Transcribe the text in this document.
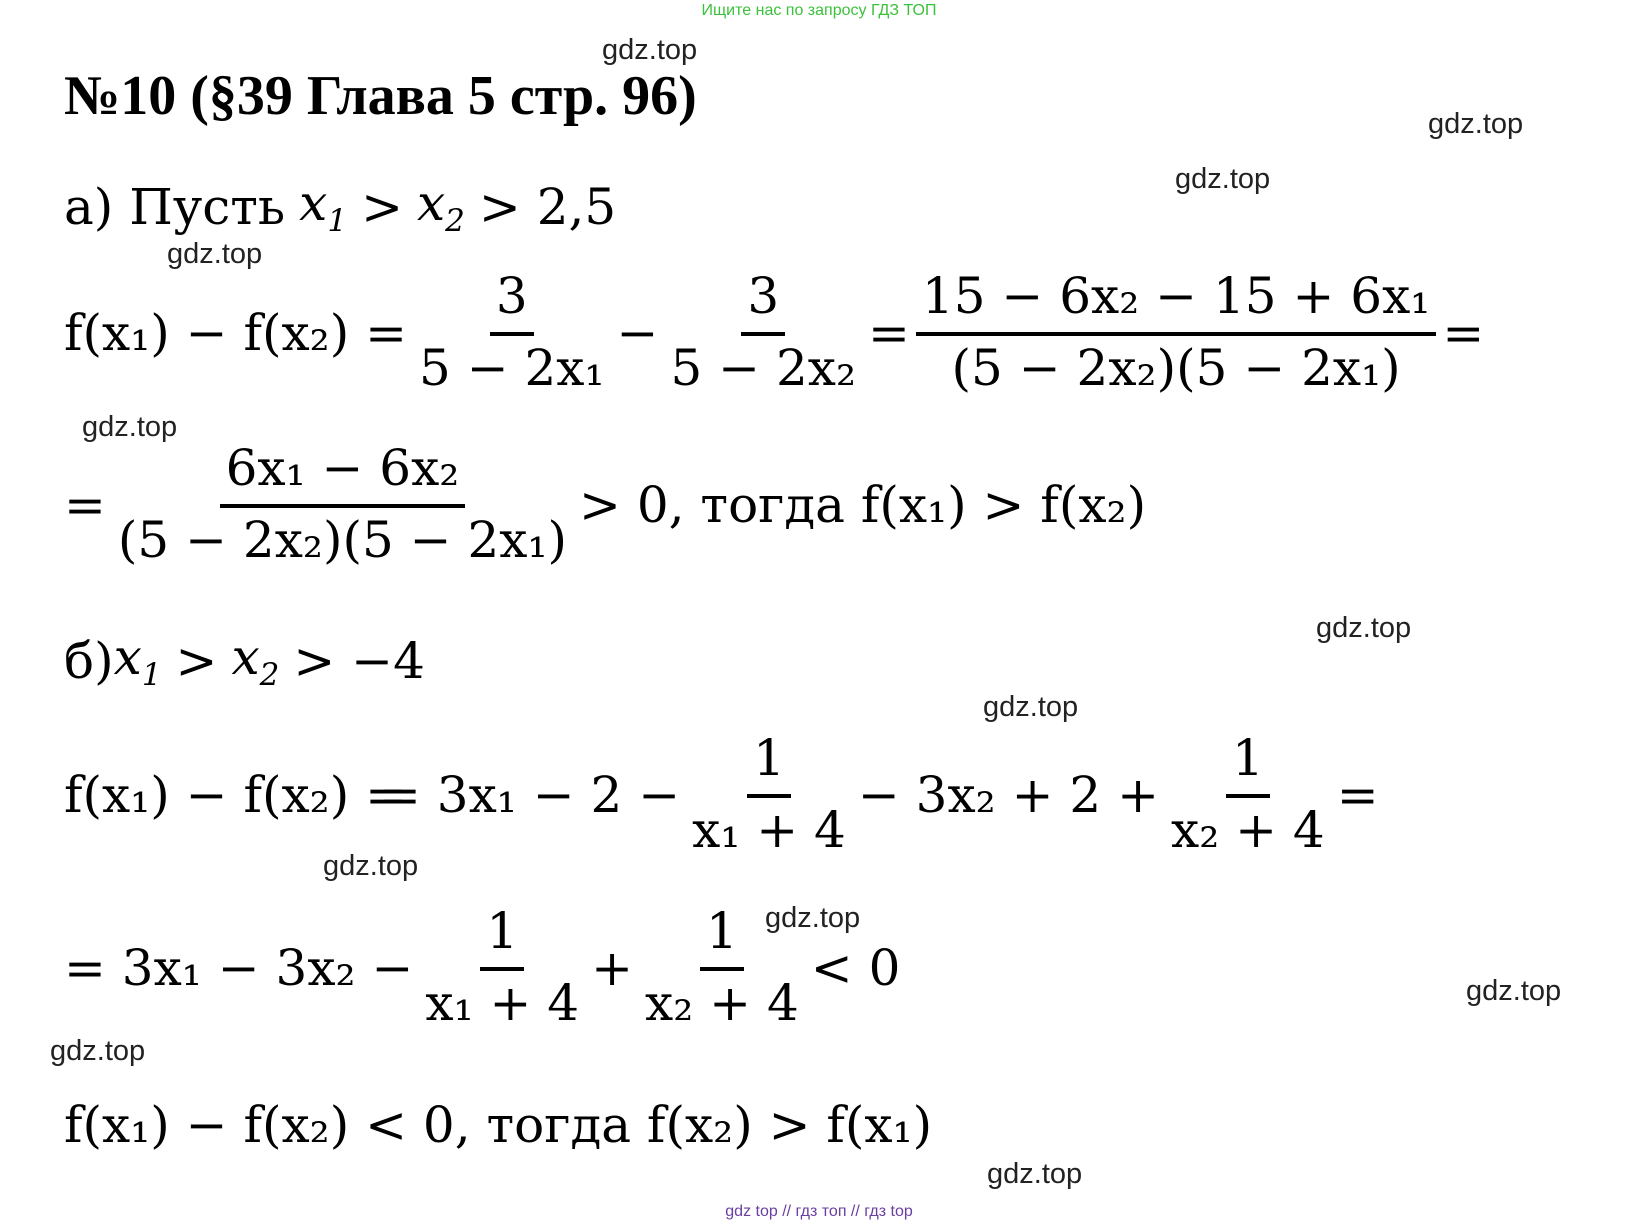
Ищите нас по запросу ГДЗ ТОП
№10 (§39 Глава 5 стр. 96)
gdz.top
gdz.top
gdz.top
gdz.top
gdz.top
gdz.top
gdz.top
gdz.top
gdz.top
gdz.top
gdz.top
gdz.top
а) Пусть $x_1 > x_2 > 2,5$
$f(x_1) - f(x_2) = \frac{3}{\text{5 − 2x₁}} - \frac{3}{\text{5 − 2x₂}} = \frac{\text{15 − 6x₂ − 15 + 6x₁}}{\text{(5 − 2x₂)(5 − 2x₁)}}$ =
= $\frac{\text{6x₁ − 6x₂}}{\text{(5 − 2x₂)(5 − 2x₁)}} > 0$, тогда f(x₁) > f(x₂)
б) $x_1 > x_2 > -4$
f(x₁) − f(x₂) =
= $3x_1 - 2 - \frac{1}{\text{x₁ + 4}} - 3x_2 + 2 + \frac{1}{\text{x₂ + 4}}$ =
= $3x_1 - 3x_2 - \frac{1}{\text{x₁ + 4}} + \frac{1}{\text{x₂ + 4}} < 0$
f(x₁) − f(x₂) < 0, тогда f(x₂) > f(x₁)
gdz top // гдз топ // гдз top
